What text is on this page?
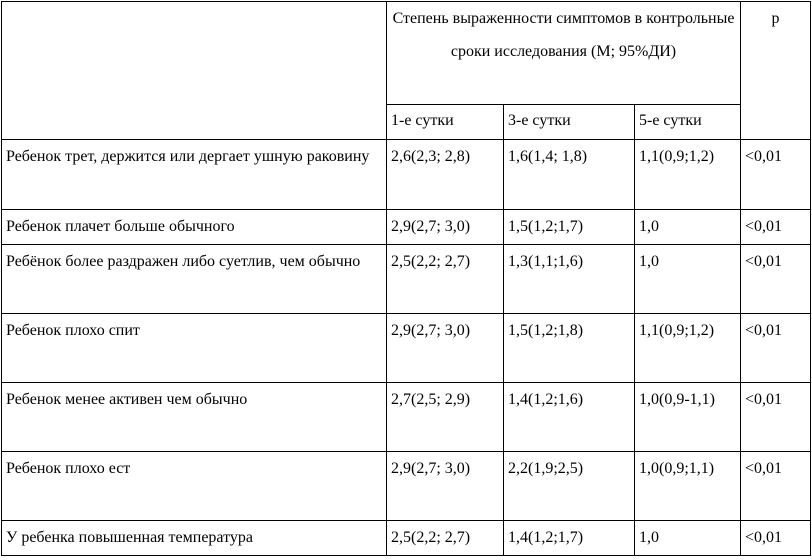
	Степень выраженности симптомов в контрольные сроки исследования (М; 95%ДИ)			p
	1-е сутки	3-е сутки	5-е сутки	
Ребенок трет, держится или дергает ушную раковину	2,6(2,3; 2,8)	1,6(1,4; 1,8)	1,1(0,9;1,2)	<0,01
Ребенок плачет больше обычного	2,9(2,7; 3,0)	1,5(1,2;1,7)	1,0	<0,01
Ребёнок более раздражен либо суетлив, чем обычно	2,5(2,2; 2,7)	1,3(1,1;1,6)	1,0	<0,01
Ребенок плохо спит	2,9(2,7; 3,0)	1,5(1,2;1,8)	1,1(0,9;1,2)	<0,01
Ребенок менее активен чем обычно	2,7(2,5; 2,9)	1,4(1,2;1,6)	1,0(0,9-1,1)	<0,01
Ребенок плохо ест	2,9(2,7; 3,0)	2,2(1,9;2,5)	1,0(0,9;1,1)	<0,01
У ребенка повышенная температура	2,5(2,2; 2,7)	1,4(1,2;1,7)	1,0	<0,01
